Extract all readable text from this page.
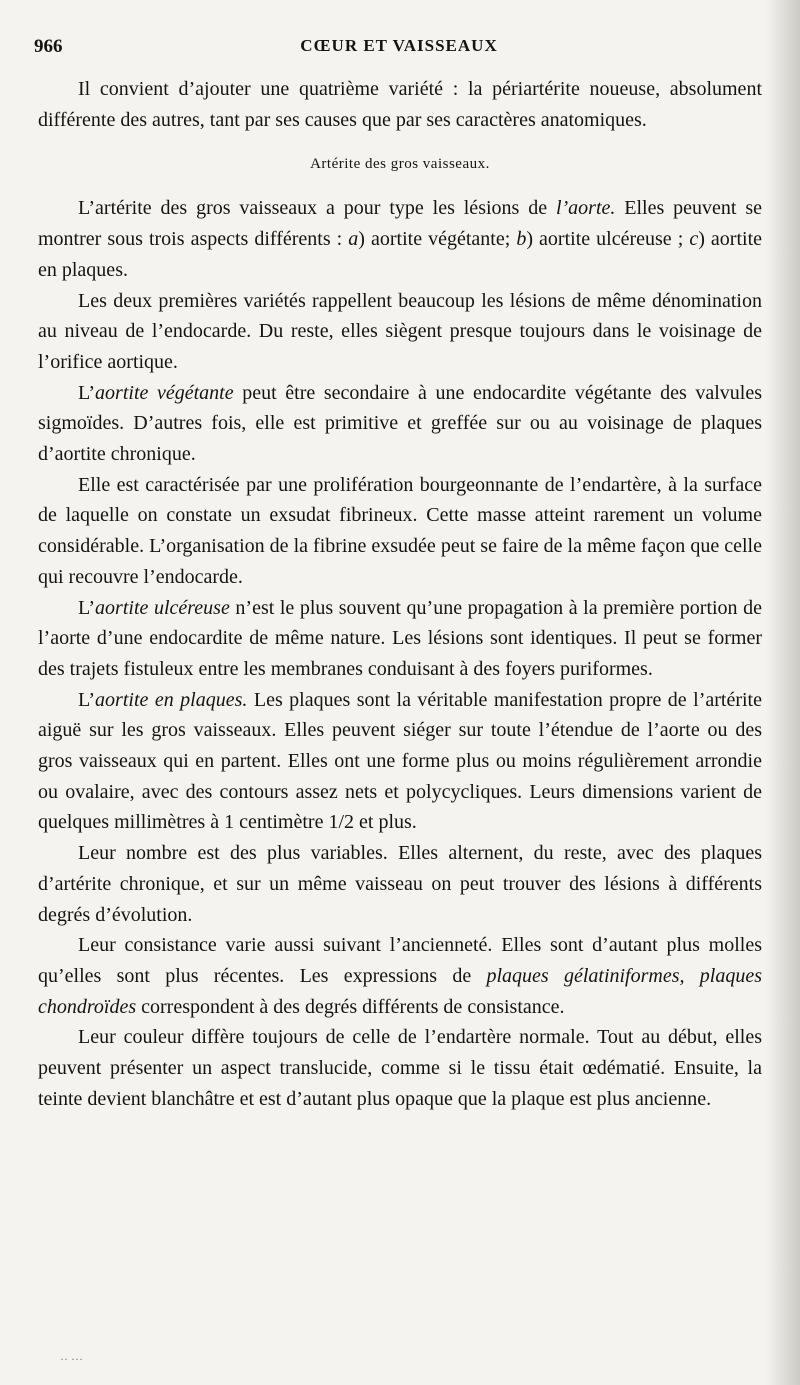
966	CŒUR ET VAISSEAUX

Il convient d’ajouter une quatrième variété : la périartérite noueuse, absolument différente des autres, tant par ses causes que par ses caractères anatomiques.

Artérite des gros vaisseaux.

L’artérite des gros vaisseaux a pour type les lésions de l’aorte. Elles peuvent se montrer sous trois aspects différents : a) aortite végétante; b) aortite ulcéreuse ; c) aortite en plaques.

Les deux premières variétés rappellent beaucoup les lésions de même dénomination au niveau de l’endocarde. Du reste, elles siègent presque toujours dans le voisinage de l’orifice aortique.

L’aortite végétante peut être secondaire à une endocardite végétante des valvules sigmoïdes. D’autres fois, elle est primitive et greffée sur ou au voisinage de plaques d’aortite chronique.

Elle est caractérisée par une prolifération bourgeonnante de l’endartère, à la surface de laquelle on constate un exsudat fibrineux. Cette masse atteint rarement un volume considérable. L’organisation de la fibrine exsudée peut se faire de la même façon que celle qui recouvre l’endocarde.

L’aortite ulcéreuse n’est le plus souvent qu’une propagation à la première portion de l’aorte d’une endocardite de même nature. Les lésions sont identiques. Il peut se former des trajets fistuleux entre les membranes conduisant à des foyers puriformes.

L’aortite en plaques. Les plaques sont la véritable manifestation propre de l’artérite aiguë sur les gros vaisseaux. Elles peuvent siéger sur toute l’étendue de l’aorte ou des gros vaisseaux qui en partent. Elles ont une forme plus ou moins régulièrement arrondie ou ovalaire, avec des contours assez nets et polycycliques. Leurs dimensions varient de quelques millimètres à 1 centimètre 1/2 et plus.

Leur nombre est des plus variables. Elles alternent, du reste, avec des plaques d’artérite chronique, et sur un même vaisseau on peut trouver des lésions à différents degrés d’évolution.

Leur consistance varie aussi suivant l’ancienneté. Elles sont d’autant plus molles qu’elles sont plus récentes. Les expressions de plaques gélatiniformes, plaques chondroïdes correspondent à des degrés différents de consistance.

Leur couleur diffère toujours de celle de l’endartère normale. Tout au début, elles peuvent présenter un aspect translucide, comme si le tissu était œdématié. Ensuite, la teinte devient blanchâtre et est d’autant plus opaque que la plaque est plus ancienne.

·· ···
